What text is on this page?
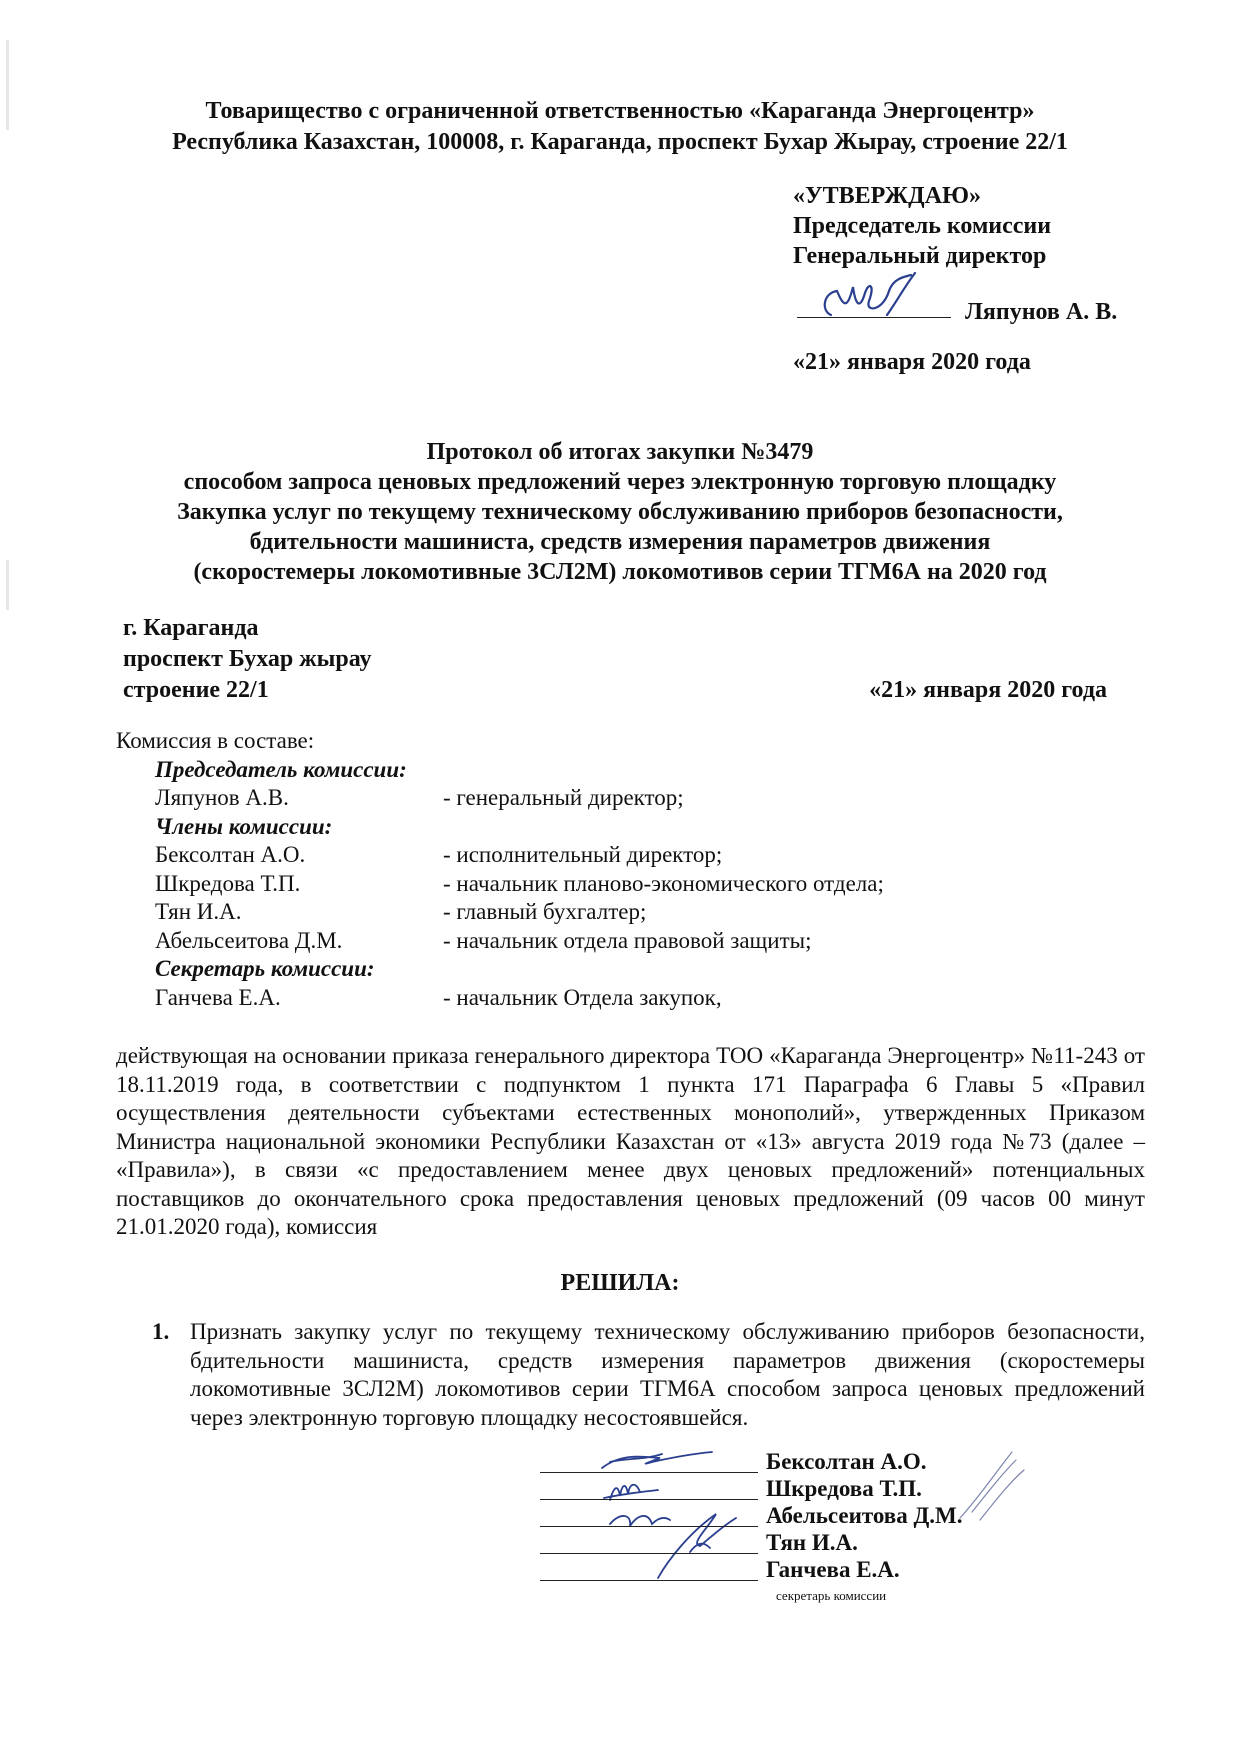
Товарищество с ограниченной ответственностью «Караганда Энергоцентр»
Республика Казахстан, 100008, г. Караганда, проспект Бухар Жырау, строение 22/1
«УТВЕРЖДАЮ»
Председатель комиссии
Генеральный директор
Ляпунов А. В.
«21» января 2020 года
Протокол об итогах закупки №3479
способом запроса ценовых предложений через электронную торговую площадку
Закупка услуг по текущему техническому обслуживанию приборов безопасности,
бдительности машиниста, средств измерения параметров движения
(скоростемеры локомотивные 3СЛ2М) локомотивов серии ТГМ6А на 2020 год
г. Караганда
проспект Бухар жырау
строение 22/1	«21» января 2020 года
Комиссия в составе:
Председатель комиссии:
Ляпунов А.В.	- генеральный директор;
Члены комиссии:
Бексолтан А.О.	- исполнительный директор;
Шкредова Т.П.	- начальник планово-экономического отдела;
Тян И.А.	- главный бухгалтер;
Абельсеитова Д.М.	- начальник отдела правовой защиты;
Секретарь комиссии:
Ганчева Е.А.	- начальник Отдела закупок,
действующая на основании приказа генерального директора ТОО «Караганда Энергоцентр» №11-243 от 18.11.2019 года, в соответствии с подпунктом 1 пункта 171 Параграфа 6 Главы 5 «Правил осуществления деятельности субъектами естественных монополий», утвержденных Приказом Министра национальной экономики Республики Казахстан от «13» августа 2019 года №73 (далее – «Правила»), в связи «с предоставлением менее двух ценовых предложений» потенциальных поставщиков до окончательного срока предоставления ценовых предложений (09 часов 00 минут 21.01.2020 года), комиссия
РЕШИЛА:
1. Признать закупку услуг по текущему техническому обслуживанию приборов безопасности, бдительности машиниста, средств измерения параметров движения (скоростемеры локомотивные 3СЛ2М) локомотивов серии ТГМ6А способом запроса ценовых предложений через электронную торговую площадку несостоявшейся.
Бексолтан А.О.
Шкредова Т.П.
Абельсеитова Д.М.
Тян И.А.
Ганчева Е.А.
секретарь комиссии
